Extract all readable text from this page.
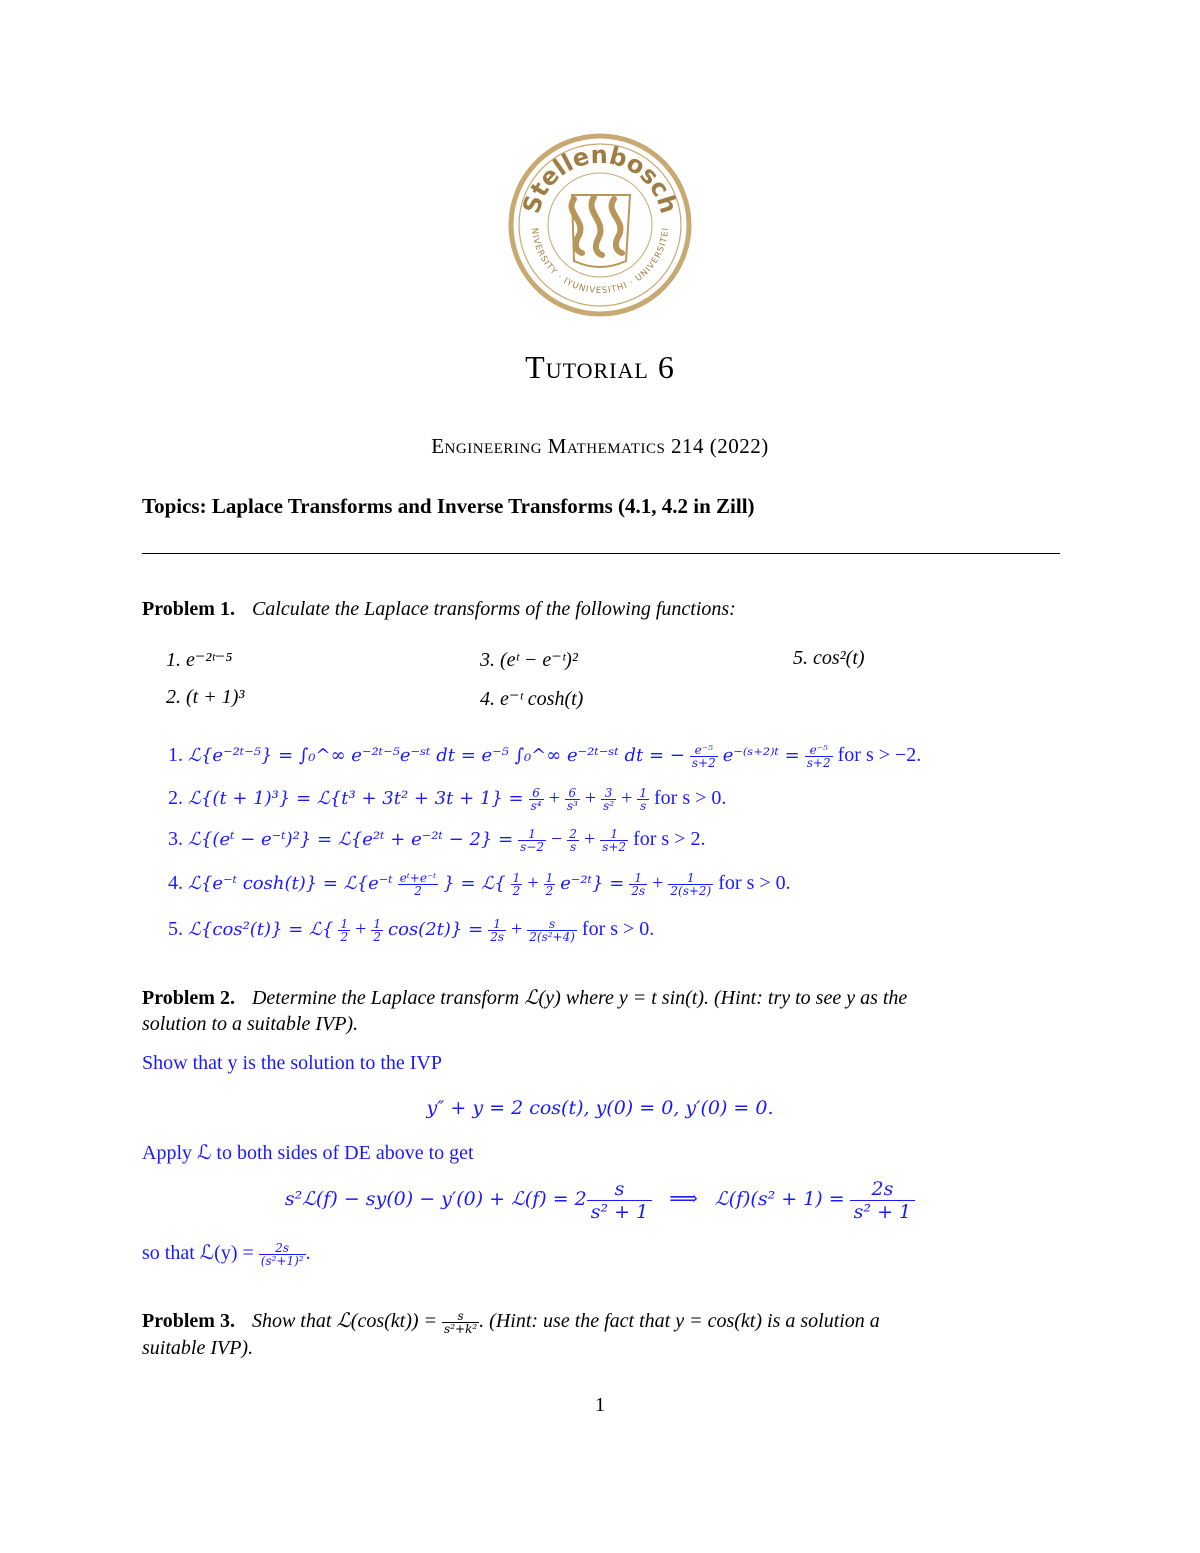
Stellenbosch
NIVERSITY · IYUNIVESITHI · UNIVERSITEI
Tutorial 6
Engineering Mathematics 214 (2022)
Topics: Laplace Transforms and Inverse Transforms (4.1, 4.2 in Zill)
Problem 1. Calculate the Laplace transforms of the following functions:
1. e⁻²ᵗ⁻⁵	3. (eᵗ − e⁻ᵗ)²	5. cos²(t)
2. (t + 1)³	4. e⁻ᵗ cosh(t)
1. ℒ{e⁻²ᵗ⁻⁵} = ∫₀^∞ e⁻²ᵗ⁻⁵e⁻ˢᵗ dt = e⁻⁵ ∫₀^∞ e⁻²ᵗ⁻ˢᵗ dt = − $\frac{\text{e⁻⁵}}{s+2}$ e⁻⁽ˢ⁺²⁾ᵗ = $\frac{\text{e⁻⁵}}{s+2}$ for s > −2.
2. ℒ{(t + 1)³} = ℒ{t³ + $3t^2 + 3t + 1\} = \frac{6}{\text{s⁴}} + \frac{6}{\text{s³}} + \frac{3}{\text{s²}} + \frac{1}{s}$ for s > 0.
3. ℒ{(eᵗ − e⁻ᵗ)²} = ℒ{e²ᵗ + e⁻²ᵗ − $2\} = \frac{1}{s-2} - \frac{2}{s} + \frac{1}{s+2}$ for s > 2.
4. ℒ{e⁻ᵗ cosh(t)} = ℒ{e⁻ᵗ $\frac{\text{eᵗ+e⁻ᵗ}}{2}$ } = ℒ{ $\frac{1}{2} + \frac{1}{2}$ e⁻²ᵗ} = $\frac{1}{2s} + \frac{1}{2(s+2)}$ for s > 0.
5. ℒ{cos²(t)} = ℒ{ $\frac{1}{2} + \frac{1}{2} \cos(2t)\} = \frac{1}{2s} + \frac{s}{\text{2(s²+4)}}$ for s > 0.
Problem 2. Determine the Laplace transform ℒ(y) where y = t sin(t). (Hint: try to see y as the
solution to a suitable IVP).
Show that y is the solution to the IVP
y″ + y = 2 cos(t), y(0) = 0, y′(0) = 0.
Apply ℒ to both sides of DE above to get
s²ℒ(f) − sy(0) − y′(0) + ℒ(f) = $2 \frac{s}{\text{s² + 1}}$ ⟹ ℒ(f)(s² + $1) = \frac{2s}{\text{s² + 1}}$
so that ℒ(y) = $\frac{2s}{\text{(s²+1)²}}$ .
Problem 3. Show that ℒ(cos(kt)) = $\frac{s}{\text{s²+k²}}$ . (Hint: use the fact that y = cos(kt) is a solution a
suitable IVP).
1
